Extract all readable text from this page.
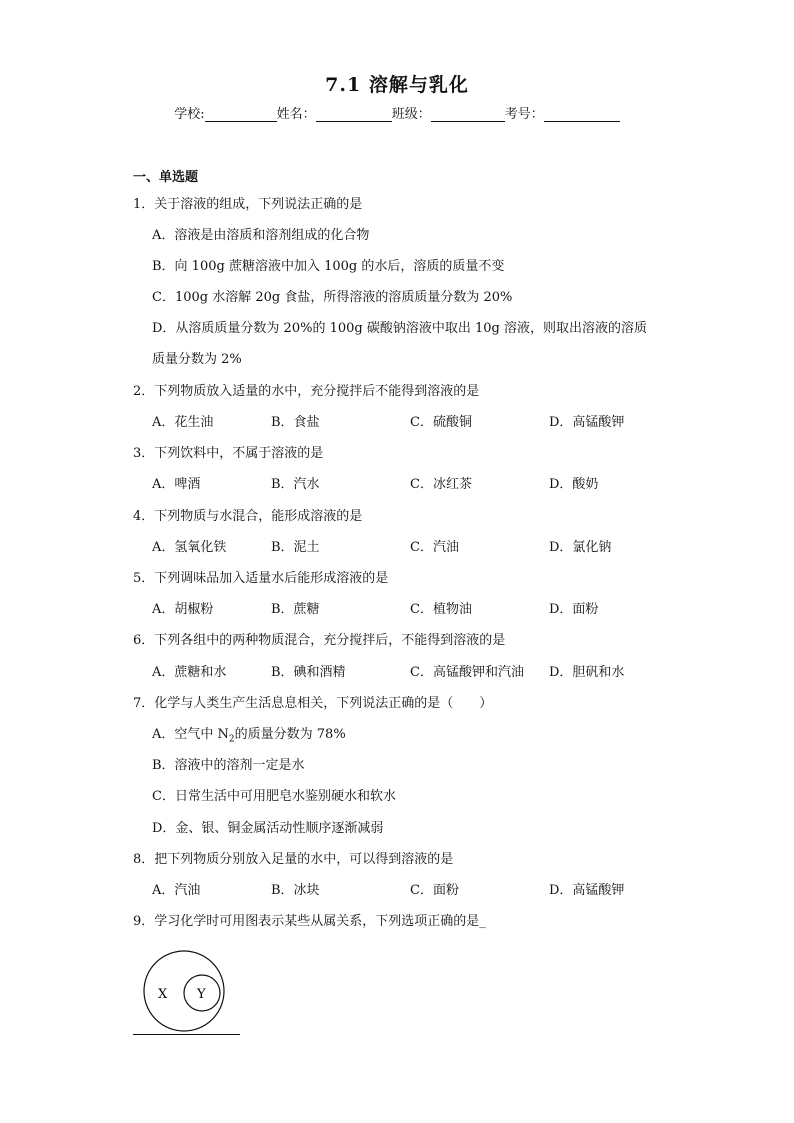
7.1 溶解与乳化
学校:	姓名：	班级：	考号：
一、单选题
1．关于溶液的组成，下列说法正确的是
A．溶液是由溶质和溶剂组成的化合物
B．向 100g 蔗糖溶液中加入 100g 的水后，溶质的质量不变
C．100g 水溶解 20g 食盐，所得溶液的溶质质量分数为 20%
D．从溶质质量分数为 20%的 100g 碳酸钠溶液中取出 10g 溶液，则取出溶液的溶质
质量分数为 2%
2．下列物质放入适量的水中，充分搅拌后不能得到溶液的是
A．花生油	B．食盐	C．硫酸铜	D．高锰酸钾
3．下列饮料中，不属于溶液的是
A．啤酒	B．汽水	C．冰红茶	D．酸奶
4．下列物质与水混合，能形成溶液的是
A．氢氧化铁	B．泥土	C．汽油	D．氯化钠
5．下列调味品加入适量水后能形成溶液的是
A．胡椒粉	B．蔗糖	C．植物油	D．面粉
6．下列各组中的两种物质混合，充分搅拌后，不能得到溶液的是
A．蔗糖和水	B．碘和酒精	C．高锰酸钾和汽油 D．胆矾和水
7．化学与人类生产生活息息相关，下列说法正确的是（　　）
A．空气中 $N_2$的质量分数为 78%
B．溶液中的溶剂一定是水
C．日常生活中可用肥皂水鉴别硬水和软水
D．金、银、铜金属活动性顺序逐渐减弱
8．把下列物质分别放入足量的水中，可以得到溶液的是
A．汽油	B．冰块	C．面粉	D．高锰酸钾
9．学习化学时可用图表示某些从属关系，下列选项正确的是_
X Y
